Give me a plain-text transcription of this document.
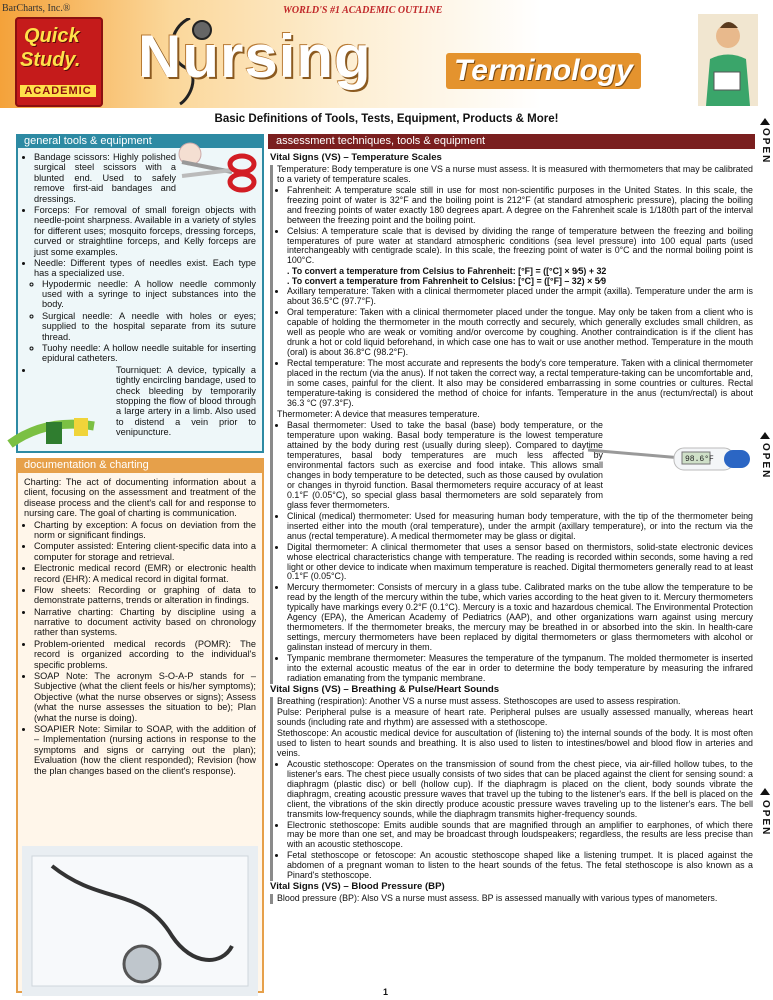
BarCharts, Inc.®	WORLD'S #1 ACADEMIC OUTLINE
Quick
Study.
ACADEMIC
Nursing	Terminology
Basic Definitions of Tools, Tests, Equipment, Products & More!
OPEN
OPEN
OPEN
general tools & equipment
• Bandage scissors: Highly polished surgical steel scissors with a blunted end. Used to safely remove first-aid bandages and dressings.
• Forceps: For removal of small foreign objects with needle-point sharpness. Available in a variety of styles for different uses; mosquito forceps, dressing forceps, curved or straightline forceps, and Kelly forceps are just some examples.
• Needle: Different types of needles exist. Each type has a specialized use.
◦ Hypodermic needle: A hollow needle commonly used with a syringe to inject substances into the body.
◦ Surgical needle: A needle with holes or eyes; supplied to the hospital separate from its suture thread.
◦ Tuohy needle: A hollow needle suitable for inserting epidural catheters.
• Tourniquet: A device, typically a tightly encircling bandage, used to check bleeding by temporarily stopping the flow of blood through a large artery in a limb. Also used to distend a vein prior to venipuncture.
documentation & charting

Charting: The act of documenting information about a client, focusing on the assessment and treatment of the disease process and the client's call for and response to nursing care. The goal of charting is communication.

• Charting by exception: A focus on deviation from the norm or significant findings.
• Computer assisted: Entering client-specific data into a computer for storage and retrieval.
• Electronic medical record (EMR) or electronic health record (EHR): A medical record in digital format.
• Flow sheets: Recording or graphing of data to demonstrate patterns, trends or alteration in findings.
• Narrative charting: Charting by discipline using a narrative to document activity based on chronology rather than systems.
• Problem-oriented medical records (POMR): The record is organized according to the individual's specific problems.
• SOAP Note: The acronym S-O-A-P stands for – Subjective (what the client feels or his/her symptoms); Objective (what the nurse observes or signs); Assess (what the nurse assesses the situation to be); Plan (what the nurse is doing).
• SOAPIER Note: Similar to SOAP, with the addition of – Implementation (nursing actions in response to the symptoms and signs or carrying out the plan); Evaluation (how the client responded); Revision (how the plan changes based on the client's response).
assessment techniques, tools & equipment
Vital Signs (VS) – Temperature Scales

Temperature: Body temperature is one VS a nurse must assess. It is measured with thermometers that may be calibrated to a variety of temperature scales.

• Fahrenheit: A temperature scale still in use for most non-scientific purposes in the United States. In this scale, the freezing point of water is 32°F and the boiling point is 212°F (at standard atmospheric pressure), placing the boiling and freezing points of water exactly 180 degrees apart. A degree on the Fahrenheit scale is 1/180th part of the interval between the freezing point and the boiling point.
• Celsius: A temperature scale that is devised by dividing the range of temperature between the freezing and boiling temperatures of pure water at standard atmospheric conditions (sea level pressure) into 100 equal parts (used interchangeably with centigrade scale). In this scale, the freezing point of water is 0°C and the normal boiling point is 100°C.
. To convert a temperature from Celsius to Fahrenheit: [°F] = ([°C] × 9⁄5) + 32
. To convert a temperature from Fahrenheit to Celsius: [°C] = ([°F] – 32) × 5⁄9
• Axillary temperature: Taken with a clinical thermometer placed under the armpit (axilla). Temperature under the arm is about 36.5°C (97.7°F).
• Oral temperature: Taken with a clinical thermometer placed under the tongue. May only be taken from a client who is capable of holding the thermometer in the mouth correctly and securely, which generally excludes small children, as well as people who are weak or vomiting and/or overcome by coughing. Another contraindication is if the client has drunk a hot or cold liquid beforehand, in which case one has to wait or use another method. Temperature in the mouth (oral) is about 36.8°C (98.2°F).
• Rectal temperature: The most accurate and represents the body's core temperature. Taken with a clinical thermometer placed in the rectum (via the anus). If not taken the correct way, a rectal temperature-taking can be uncomfortable and, in some cases, painful for the client. It also may be considered embarrassing in some countries or cultures. Rectal temperature-taking is considered the method of choice for infants. Temperature in the anus (rectum/rectal) is about 36.3 °C (97.3°F).

Thermometer: A device that measures temperature.

• Basal thermometer: Used to take the basal (base) body temperature, or the temperature upon waking. Basal body temperature is the lowest temperature attained by the body during rest (usually during sleep). Compared to daytime temperatures, basal body temperatures are much less affected by environmental factors such as exercise and food intake. This allows small changes in body temperature to be detected, such as those caused by ovulation or changes in thyroid function. Basal thermometers require accuracy of at least 0.1°F (0.05°C), so special glass basal thermometers are sold separately from glass fever thermometers.
• Clinical (medical) thermometer: Used for measuring human body temperature, with the tip of the thermometer being inserted either into the mouth (oral temperature), under the armpit (axillary temperature), or into the rectum via the anus (rectal temperature). A medical thermometer may be glass or digital.
• Digital thermometer: A clinical thermometer that uses a sensor based on thermistors, solid-state electronic devices whose electrical characteristics change with temperature. The reading is recorded within seconds, some having a red light or other device to indicate when maximum temperature is reached. Digital thermometers generally read to at least 0.1°F (0.05°C).
• Mercury thermometer: Consists of mercury in a glass tube. Calibrated marks on the tube allow the temperature to be read by the length of the mercury within the tube, which varies according to the heat given to it. Mercury thermometers typically have markings every 0.2°F (0.1°C). Mercury is a toxic and hazardous chemical. The Environmental Protection Agency (EPA), the American Academy of Pediatrics (AAP), and other organizations warn against using mercury thermometers. If the thermometer breaks, the mercury may be breathed in or absorbed into the skin. In health-care settings, mercury thermometers have been replaced by digital thermometers or glass thermometers with alcohol or galinstan instead of mercury in them.
• Tympanic membrane thermometer: Measures the temperature of the tympanum. The molded thermometer is inserted into the external acoustic meatus of the ear in order to determine the body temperature by measuring the infrared radiation emanating from the tympanic membrane.
Vital Signs (VS) – Breathing & Pulse/Heart Sounds

Breathing (respiration): Another VS a nurse must assess. Stethoscopes are used to assess respiration.

Pulse: Peripheral pulse is a measure of heart rate. Peripheral pulses are usually assessed manually, whereas heart sounds (including rate and rhythm) are assessed with a stethoscope.

Stethoscope: An acoustic medical device for auscultation of (listening to) the internal sounds of the body. It is most often used to listen to heart sounds and breathing. It is also used to listen to intestines/bowel and blood flow in arteries and veins.

• Acoustic stethoscope: Operates on the transmission of sound from the chest piece, via air-filled hollow tubes, to the listener's ears. The chest piece usually consists of two sides that can be placed against the client for sensing sound: a diaphragm (plastic disc) or bell (hollow cup). If the diaphragm is placed on the client, body sounds vibrate the diaphragm, creating acoustic pressure waves that travel up the tubing to the listener's ears. If the bell is placed on the client, the vibrations of the skin directly produce acoustic pressure waves traveling up to the listener's ears. The bell transmits low-frequency sounds, while the diaphragm transmits higher-frequency sounds.
• Electronic stethoscope: Emits audible sounds that are magnified through an amplifier to earphones, of which there may be more than one set, and may be broadcast through loudspeakers; regardless, the results are less precise than with an acoustic stethoscope.
• Fetal stethoscope or fetoscope: An acoustic stethoscope shaped like a listening trumpet. It is placed against the abdomen of a pregnant woman to listen to the heart sounds of the fetus. The fetal stethoscope is also known as a Pinard's stethoscope.
Vital Signs (VS) – Blood Pressure (BP)

Blood pressure (BP): Also VS a nurse must assess. BP is assessed manually with various types of manometers.

98.6°F
1
